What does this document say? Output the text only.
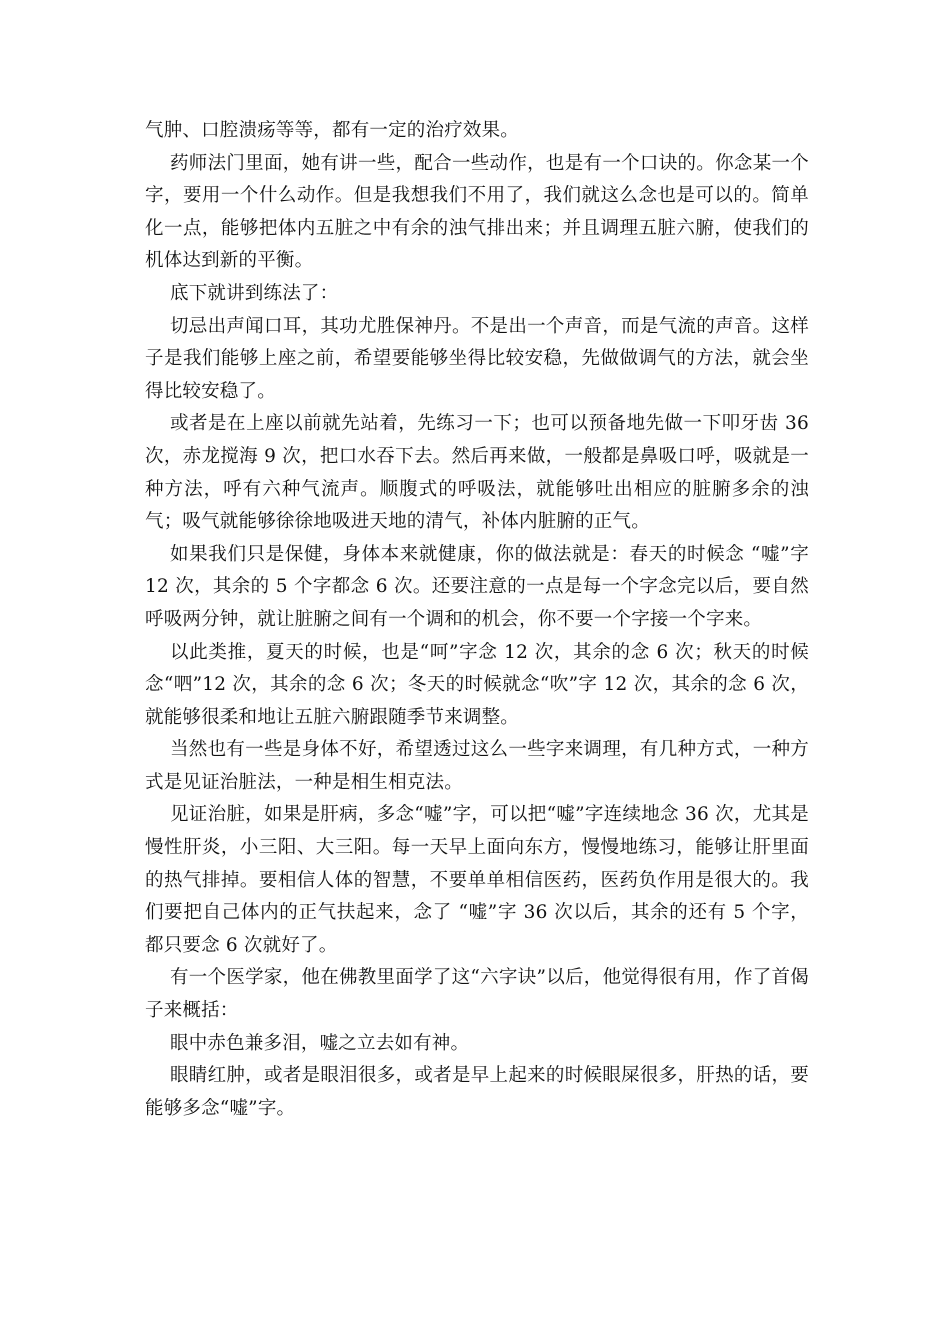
气肿、口腔溃疡等等，都有一定的治疗效果。

药师法门里面，她有讲一些，配合一些动作，也是有一个口诀的。你念某一个字，要用一个什么动作。但是我想我们不用了，我们就这么念也是可以的。简单化一点，能够把体内五脏之中有余的浊气排出来；并且调理五脏六腑，使我们的机体达到新的平衡。

底下就讲到练法了：

切忌出声闻口耳，其功尤胜保神丹。不是出一个声音，而是气流的声音。这样子是我们能够上座之前，希望要能够坐得比较安稳，先做做调气的方法，就会坐得比较安稳了。

或者是在上座以前就先站着，先练习一下；也可以预备地先做一下叩牙齿 36 次，赤龙搅海 9 次，把口水吞下去。然后再来做，一般都是鼻吸口呼，吸就是一种方法，呼有六种气流声。顺腹式的呼吸法，就能够吐出相应的脏腑多余的浊气；吸气就能够徐徐地吸进天地的清气，补体内脏腑的正气。

如果我们只是保健，身体本来就健康，你的做法就是：春天的时候念 “嘘”字 12 次，其余的 5 个字都念 6 次。还要注意的一点是每一个字念完以后，要自然呼吸两分钟，就让脏腑之间有一个调和的机会，你不要一个字接一个字来。

以此类推，夏天的时候，也是“呵”字念 12 次，其余的念 6 次；秋天的时候念“呬”12 次，其余的念 6 次；冬天的时候就念“吹”字 12 次，其余的念 6 次，就能够很柔和地让五脏六腑跟随季节来调整。

当然也有一些是身体不好，希望透过这么一些字来调理，有几种方式，一种方式是见证治脏法，一种是相生相克法。

见证治脏，如果是肝病，多念“嘘”字，可以把“嘘”字连续地念 36 次，尤其是慢性肝炎，小三阳、大三阳。每一天早上面向东方，慢慢地练习，能够让肝里面的热气排掉。要相信人体的智慧，不要单单相信医药，医药负作用是很大的。我们要把自己体内的正气扶起来，念了 “嘘”字 36 次以后，其余的还有 5 个字，都只要念 6 次就好了。

有一个医学家，他在佛教里面学了这“六字诀”以后，他觉得很有用，作了首偈子来概括：

眼中赤色兼多泪，嘘之立去如有神。

眼睛红肿，或者是眼泪很多，或者是早上起来的时候眼屎很多，肝热的话，要能够多念“嘘”字。
